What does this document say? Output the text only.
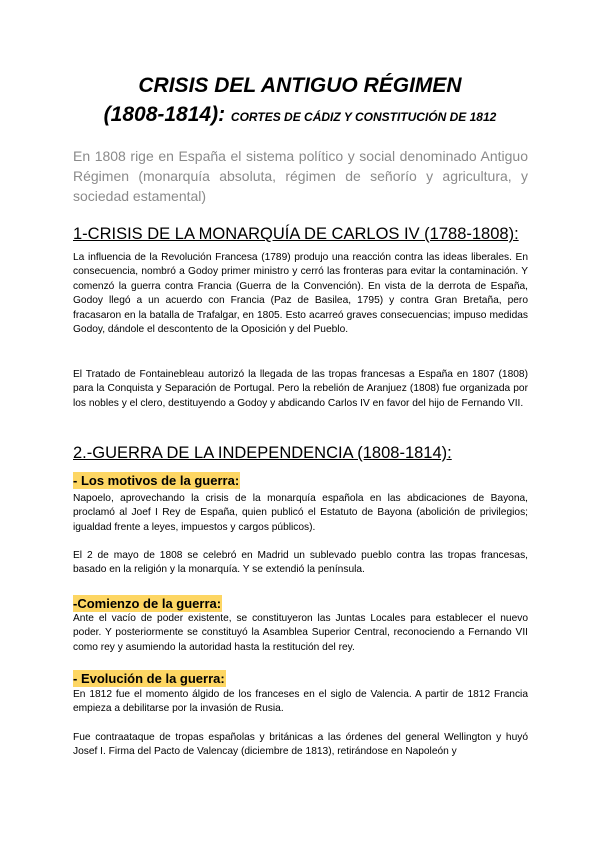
CRISIS DEL ANTIGUO RÉGIMEN
(1808-1814): CORTES DE CÁDIZ Y CONSTITUCIÓN DE 1812

En 1808 rige en España el sistema político y social denominado Antiguo Régimen (monarquía absoluta, régimen de señorío y agricultura, y sociedad estamental)

1-CRISIS DE LA MONARQUÍA DE CARLOS IV (1788-1808):

La influencia de la Revolución Francesa (1789) produjo una reacción contra las ideas liberales. En consecuencia, nombró a Godoy primer ministro y cerró las fronteras para evitar la contaminación. Y comenzó la guerra contra Francia (Guerra de la Convención). En vista de la derrota de España, Godoy llegó a un acuerdo con Francia (Paz de Basilea, 1795) y contra Gran Bretaña, pero fracasaron en la batalla de Trafalgar, en 1805. Esto acarreó graves consecuencias; impuso medidas Godoy, dándole el descontento de la Oposición y del Pueblo.

El Tratado de Fontainebleau autorizó la llegada de las tropas francesas a España en 1807 (1808) para la Conquista y Separación de Portugal. Pero la rebelión de Aranjuez (1808) fue organizada por los nobles y el clero, destituyendo a Godoy y abdicando Carlos IV en favor del hijo de Fernando VII.

2.-GUERRA DE LA INDEPENDENCIA (1808-1814):

- Los motivos de la guerra:

Napoelo, aprovechando la crisis de la monarquía española en las abdicaciones de Bayona, proclamó al Joef I Rey de España, quien publicó el Estatuto de Bayona (abolición de privilegios; igualdad frente a leyes, impuestos y cargos públicos).

El 2 de mayo de 1808 se celebró en Madrid un sublevado pueblo contra las tropas francesas, basado en la religión y la monarquía. Y se extendió la península.

-Comienzo de la guerra:

Ante el vacío de poder existente, se constituyeron las Juntas Locales para establecer el nuevo poder. Y posteriormente se constituyó la Asamblea Superior Central, reconociendo a Fernando VII como rey y asumiendo la autoridad hasta la restitución del rey.

- Evolución de la guerra:

En 1812 fue el momento álgido de los franceses en el siglo de Valencia. A partir de 1812 Francia empieza a debilitarse por la invasión de Rusia.

Fue contraataque de tropas españolas y británicas a las órdenes del general Wellington y huyó Josef I. Firma del Pacto de Valencay (diciembre de 1813), retirándose en Napoleón y
